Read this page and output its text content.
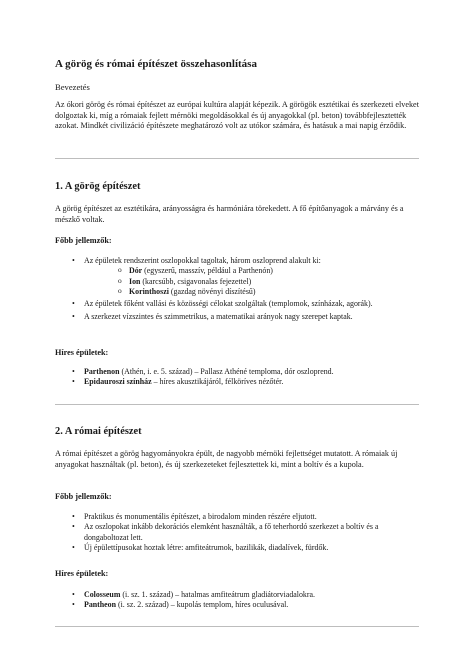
A görög és római építészet összehasonlítása
Bevezetés
Az ókori görög és római építészet az európai kultúra alapját képezik. A görögök esztétikai és szerkezeti elveket dolgoztak ki, míg a rómaiak fejlett mérnöki megoldásokkal és új anyagokkal (pl. beton) továbbfejlesztették azokat. Mindkét civilizáció építészete meghatározó volt az utókor számára, és hatásuk a mai napig érződik.
1. A görög építészet
A görög építészet az esztétikára, arányosságra és harmóniára törekedett. A fő építőanyagok a márvány és a mészkő voltak.
Főbb jellemzők:
• Az épületek rendszerint oszlopokkal tagoltak, három oszloprend alakult ki:
o Dór (egyszerű, masszív, például a Parthenón)
o Ion (karcsúbb, csigavonalas fejezettel)
o Korinthoszi (gazdag növényi díszítésű)
• Az épületek főként vallási és közösségi célokat szolgáltak (templomok, színházak, agorák).
• A szerkezet vízszintes és szimmetrikus, a matematikai arányok nagy szerepet kaptak.
Híres épületek:
• Parthenon (Athén, i. e. 5. század) – Pallasz Athéné temploma, dór oszloprend.
• Epidauroszi színház – híres akusztikájáról, félköríves nézőtér.
2. A római építészet
A római építészet a görög hagyományokra épült, de nagyobb mérnöki fejlettséget mutatott. A rómaiak új anyagokat használtak (pl. beton), és új szerkezeteket fejlesztettek ki, mint a boltív és a kupola.
Főbb jellemzők:
• Praktikus és monumentális építészet, a birodalom minden részére eljutott.
• Az oszlopokat inkább dekorációs elemként használták, a fő teherhordó szerkezet a boltív és a dongaboltozat lett.
• Új épülettípusokat hoztak létre: amfiteátrumok, bazilikák, diadalívek, fürdők.
Híres épületek:
• Colosseum (i. sz. 1. század) – hatalmas amfiteátrum gladiátorviadalokra.
• Pantheon (i. sz. 2. század) – kupolás templom, híres oculusával.
